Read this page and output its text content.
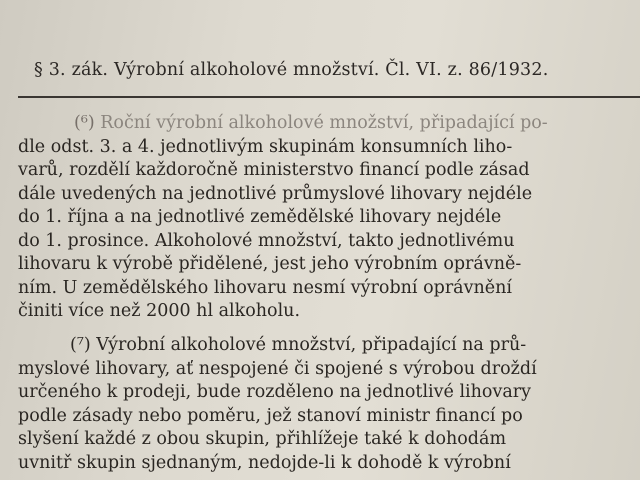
§ 3. zák. Výrobní alkoholové množství. Čl. VI. z. 86/1932.
(⁶) Roční výrobní alkoholové množství, připadající po-
dle odst. 3. a 4. jednotlivým skupinám konsumních liho-
varů, rozdělí každoročně ministerstvo financí podle zásad
dále uvedených na jednotlivé průmyslové lihovary nejdéle
do 1. října a na jednotlivé zemědělské lihovary nejdéle
do 1. prosince. Alkoholové množství, takto jednotlivému
lihovaru k výrobě přidělené, jest jeho výrobním oprávně-
ním. U zemědělského lihovaru nesmí výrobní oprávnění
činiti více než 2000 hl alkoholu.
(⁷) Výrobní alkoholové množství, připadající na prů-
myslové lihovary, ať nespojené či spojené s výrobou droždí
určeného k prodeji, bude rozděleno na jednotlivé lihovary
podle zásady nebo poměru, jež stanoví ministr financí po
slyšení každé z obou skupin, přihlížeje také k dohodám
uvnitř skupin sjednaným, nedojde-li k dohodě k výrobní
